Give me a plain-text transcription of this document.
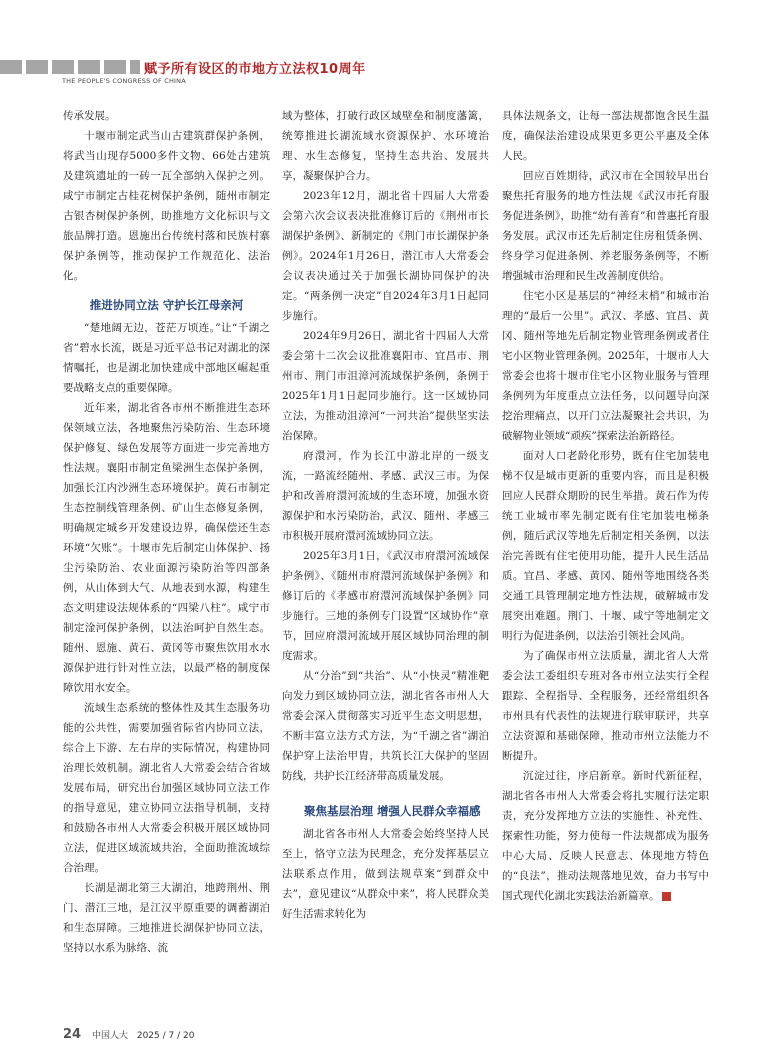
赋予所有设区的市地方立法权10周年
THE PEOPLE'S CONGRESS OF CHINA

传承发展。

十堰市制定武当山古建筑群保护条例，将武当山现存5000多件文物、66处古建筑及建筑遗址的一砖一瓦全部纳入保护之列。咸宁市制定古桂花树保护条例，随州市制定古银杏树保护条例，助推地方文化标识与文旅品牌打造。恩施出台传统村落和民族村寨保护条例等，推动保护工作规范化、法治化。

推进协同立法 守护长江母亲河

“楚地阔无边，苍茫万顷连。”让“千湖之省”碧水长流，既是习近平总书记对湖北的深情嘱托，也是湖北加快建成中部地区崛起重要战略支点的重要保障。

近年来，湖北省各市州不断推进生态环保领域立法，各地聚焦污染防治、生态环境保护修复、绿色发展等方面进一步完善地方性法规。襄阳市制定鱼梁洲生态保护条例，加强长江内沙洲生态环境保护。黄石市制定生态控制线管理条例、矿山生态修复条例，明确规定城乡开发建设边界，确保偿还生态环境“欠账”。十堰市先后制定山体保护、扬尘污染防治、农业面源污染防治等四部条例，从山体到大气、从地表到水源，构建生态文明建设法规体系的“四梁八柱”。咸宁市制定淦河保护条例，以法治呵护自然生态。随州、恩施、黄石、黄冈等市聚焦饮用水水源保护进行针对性立法，以最严格的制度保障饮用水安全。

流域生态系统的整体性及其生态服务功能的公共性，需要加强省际省内协同立法，综合上下游、左右岸的实际情况，构建协同治理长效机制。湖北省人大常委会结合省域发展布局，研究出台加强区域协同立法工作的指导意见，建立协同立法指导机制，支持和鼓励各市州人大常委会积极开展区域协同立法，促进区域流域共治，全面助推流域综合治理。

长湖是湖北第三大湖泊，地跨荆州、荆门、潜江三地，是江汉平原重要的调蓄湖泊和生态屏障。三地推进长湖保护协同立法，坚持以水系为脉络、流

域为整体，打破行政区域壁垒和制度藩篱，统筹推进长湖流域水资源保护、水环境治理、水生态修复，坚持生态共治、发展共享，凝聚保护合力。

2023年12月，湖北省十四届人大常委会第六次会议表决批准修订后的《荆州市长湖保护条例》、新制定的《荆门市长湖保护条例》。2024年1月26日，潜江市人大常委会会议表决通过关于加强长湖协同保护的决定。“两条例一决定”自2024年3月1日起同步施行。

2024年9月26日，湖北省十四届人大常委会第十二次会议批准襄阳市、宜昌市、荆州市、荆门市沮漳河流域保护条例，条例于2025年1月1日起同步施行。这一区域协同立法，为推动沮漳河“一河共治”提供坚实法治保障。

府澴河，作为长江中游北岸的一级支流，一路流经随州、孝感、武汉三市。为保护和改善府澴河流域的生态环境，加强水资源保护和水污染防治，武汉、随州、孝感三市积极开展府澴河流域协同立法。

2025年3月1日，《武汉市府澴河流域保护条例》、《随州市府澴河流域保护条例》和修订后的《孝感市府澴河流域保护条例》同步施行。三地的条例专门设置“区域协作”章节，回应府澴河流域开展区域协同治理的制度需求。

从“分治”到“共治”、从“小快灵”精准靶向发力到区域协同立法，湖北省各市州人大常委会深入贯彻落实习近平生态文明思想，不断丰富立法方式方法，为“千湖之省”湖泊保护穿上法治甲胄，共筑长江大保护的坚固防线，共护长江经济带高质量发展。

聚焦基层治理 增强人民群众幸福感

湖北省各市州人大常委会始终坚持人民至上，恪守立法为民理念，充分发挥基层立法联系点作用，做到法规草案“到群众中去”，意见建议“从群众中来”，将人民群众美好生活需求转化为

具体法规条文，让每一部法规都饱含民生温度，确保法治建设成果更多更公平惠及全体人民。

回应百姓期待，武汉市在全国较早出台聚焦托育服务的地方性法规《武汉市托育服务促进条例》，助推“幼有善育”和普惠托育服务发展。武汉市还先后制定住房租赁条例、终身学习促进条例、养老服务条例等，不断增强城市治理和民生改善制度供给。

住宅小区是基层的“神经末梢”和城市治理的“最后一公里”。武汉、孝感、宜昌、黄冈、随州等地先后制定物业管理条例或者住宅小区物业管理条例。2025年，十堰市人大常委会也将十堰市住宅小区物业服务与管理条例列为年度重点立法任务，以问题导向深挖治理痛点，以开门立法凝聚社会共识，为破解物业领域“顽疾”探索法治新路径。

面对人口老龄化形势，既有住宅加装电梯不仅是城市更新的重要内容，而且是积极回应人民群众期盼的民生举措。黄石作为传统工业城市率先制定既有住宅加装电梯条例，随后武汉等地先后制定相关条例，以法治完善既有住宅使用功能，提升人民生活品质。宜昌、孝感、黄冈、随州等地围绕各类交通工具管理制定地方性法规，破解城市发展突出难题。荆门、十堰、咸宁等地制定文明行为促进条例，以法治引领社会风尚。

为了确保市州立法质量，湖北省人大常委会法工委组织专班对各市州立法实行全程跟踪、全程指导、全程服务，还经常组织各市州具有代表性的法规进行联审联评，共享立法资源和基础保障，推动市州立法能力不断提升。

沉淀过往，序启新章。新时代新征程，湖北省各市州人大常委会将扎实履行法定职责，充分发挥地方立法的实施性、补充性、探索性功能，努力使每一件法规都成为服务中心大局、反映人民意志、体现地方特色的“良法”，推动法规落地见效，奋力书写中国式现代化湖北实践法治新篇章。

24 中国人大 2025 / 7 / 20
